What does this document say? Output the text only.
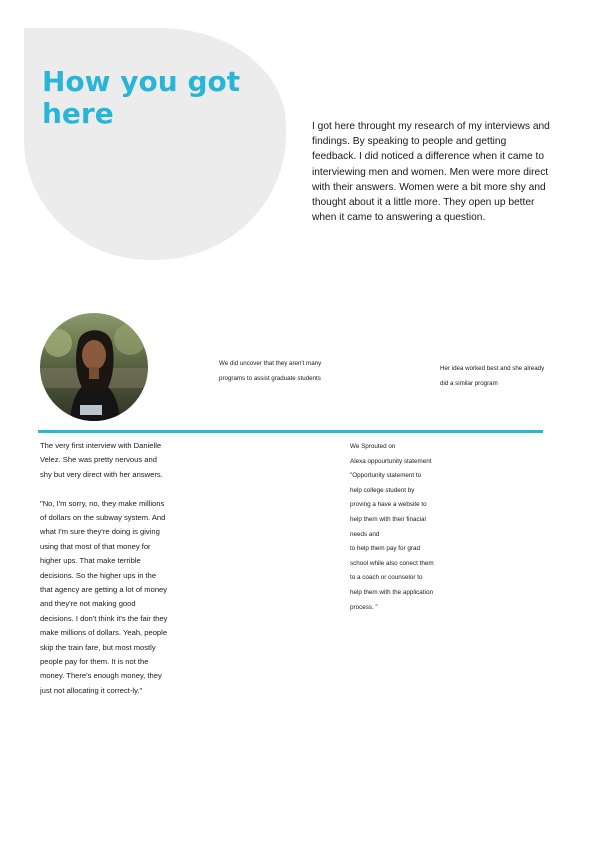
How you got here	I got here throught my research of my interviews and findings. By speaking to people and getting feedback. I did noticed a difference when it came to interviewing men and women. Men were more direct with their answers. Women were a bit more shy and thought about it a little more. They open up better when it came to answering a question.
We did uncover that they aren't many programs to assist graduate students
Her idea worked best and she already did a similar program

The very first interview with Danielle Velez. She was pretty nervous and shy but very direct with her answers.

"No, I'm sorry, no, they make millions of dollars on the subway system. And what I'm sure they're doing is giving using that most of that money for higher ups. That make terrible decisions. So the higher ups in the that agency are getting a lot of money and they're not making good decisions. I don't think it's the fair they make millions of dollars. Yeah, people skip the train fare, but most mostly people pay for them. It is not the money. There's enough money, they just not allocating it correct-ly."

We Sprouted on
Alexa oppourtunity statement
"Opportunity statement to
help college student by
proving a have a website to
help them with their finacial
needs and
to help them pay for grad
school while also conect them
to a coach or counselor to
help them with the application
process. "
